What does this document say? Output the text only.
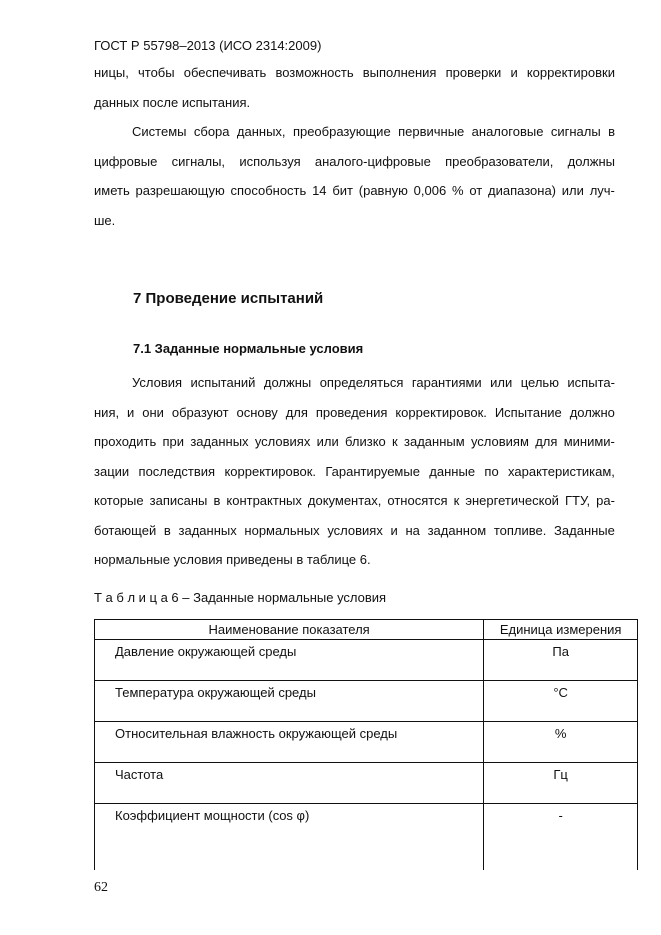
ГОСТ Р 55798–2013 (ИСО 2314:2009)
ницы, чтобы обеспечивать возможность выполнения проверки и корректировки
данных после испытания.
Системы сбора данных, преобразующие первичные аналоговые сигналы в
цифровые сигналы, используя аналого-цифровые преобразователи, должны
иметь разрешающую способность 14 бит (равную 0,006 % от диапазона) или луч-
ше.
7 Проведение испытаний
7.1 Заданные нормальные условия
Условия испытаний должны определяться гарантиями или целью испыта-
ния, и они образуют основу для проведения корректировок. Испытание должно
проходить при заданных условиях или близко к заданным условиям для миними-
зации последствия корректировок. Гарантируемые данные по характеристикам,
которые записаны в контрактных документах, относятся к энергетической ГТУ, ра-
ботающей в заданных нормальных условиях и на заданном топливе. Заданные
нормальные условия приведены в таблице 6.
Т а б л и ц а 6 – Заданные нормальные условия
Наименование показателя	Единица измерения
Давление окружающей среды	Па
Температура окружающей среды	°С
Относительная влажность окружающей среды	%
Частота	Гц
Коэффициент мощности (cos φ)	-
62
